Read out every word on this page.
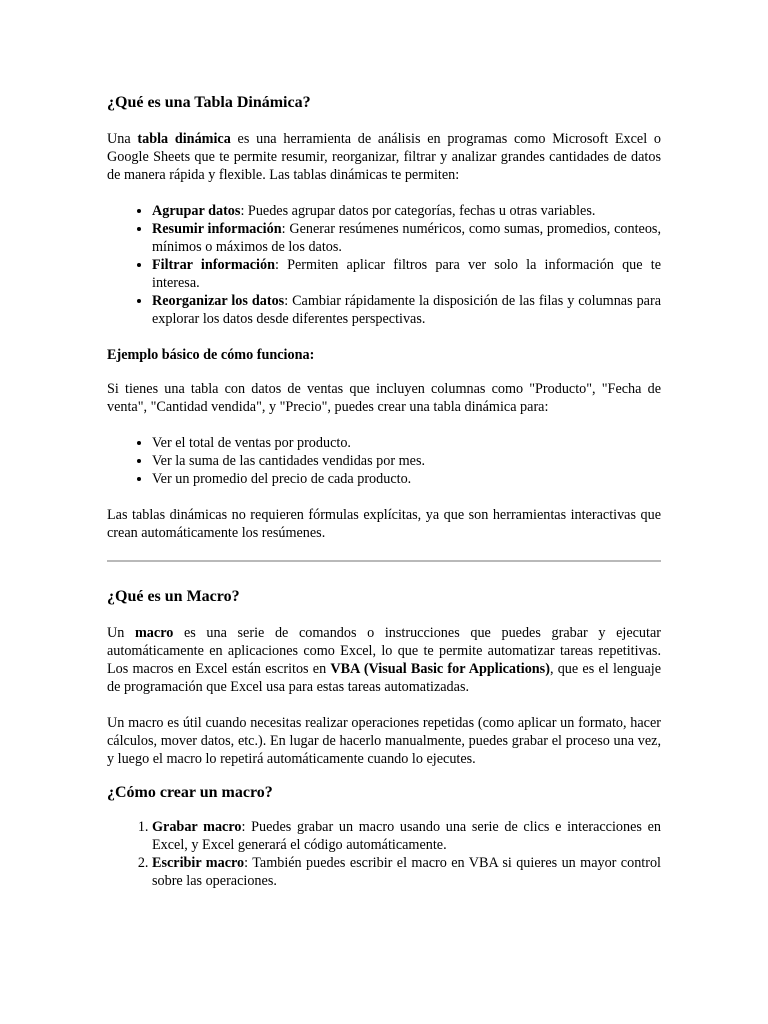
¿Qué es una Tabla Dinámica?

Una tabla dinámica es una herramienta de análisis en programas como Microsoft Excel o Google Sheets que te permite resumir, reorganizar, filtrar y analizar grandes cantidades de datos de manera rápida y flexible. Las tablas dinámicas te permiten:

• Agrupar datos: Puedes agrupar datos por categorías, fechas u otras variables.
• Resumir información: Generar resúmenes numéricos, como sumas, promedios, conteos, mínimos o máximos de los datos.
• Filtrar información: Permiten aplicar filtros para ver solo la información que te interesa.
• Reorganizar los datos: Cambiar rápidamente la disposición de las filas y columnas para explorar los datos desde diferentes perspectivas.
Ejemplo básico de cómo funciona:

Si tienes una tabla con datos de ventas que incluyen columnas como "Producto", "Fecha de venta", "Cantidad vendida", y "Precio", puedes crear una tabla dinámica para:

• Ver el total de ventas por producto.
• Ver la suma de las cantidades vendidas por mes.
• Ver un promedio del precio de cada producto.

Las tablas dinámicas no requieren fórmulas explícitas, ya que son herramientas interactivas que crean automáticamente los resúmenes.

¿Qué es un Macro?

Un macro es una serie de comandos o instrucciones que puedes grabar y ejecutar automáticamente en aplicaciones como Excel, lo que te permite automatizar tareas repetitivas. Los macros en Excel están escritos en VBA (Visual Basic for Applications), que es el lenguaje de programación que Excel usa para estas tareas automatizadas.

Un macro es útil cuando necesitas realizar operaciones repetidas (como aplicar un formato, hacer cálculos, mover datos, etc.). En lugar de hacerlo manualmente, puedes grabar el proceso una vez, y luego el macro lo repetirá automáticamente cuando lo ejecutes.

¿Cómo crear un macro?
1. Grabar macro: Puedes grabar un macro usando una serie de clics e interacciones en Excel, y Excel generará el código automáticamente.
2. Escribir macro: También puedes escribir el macro en VBA si quieres un mayor control sobre las operaciones.
